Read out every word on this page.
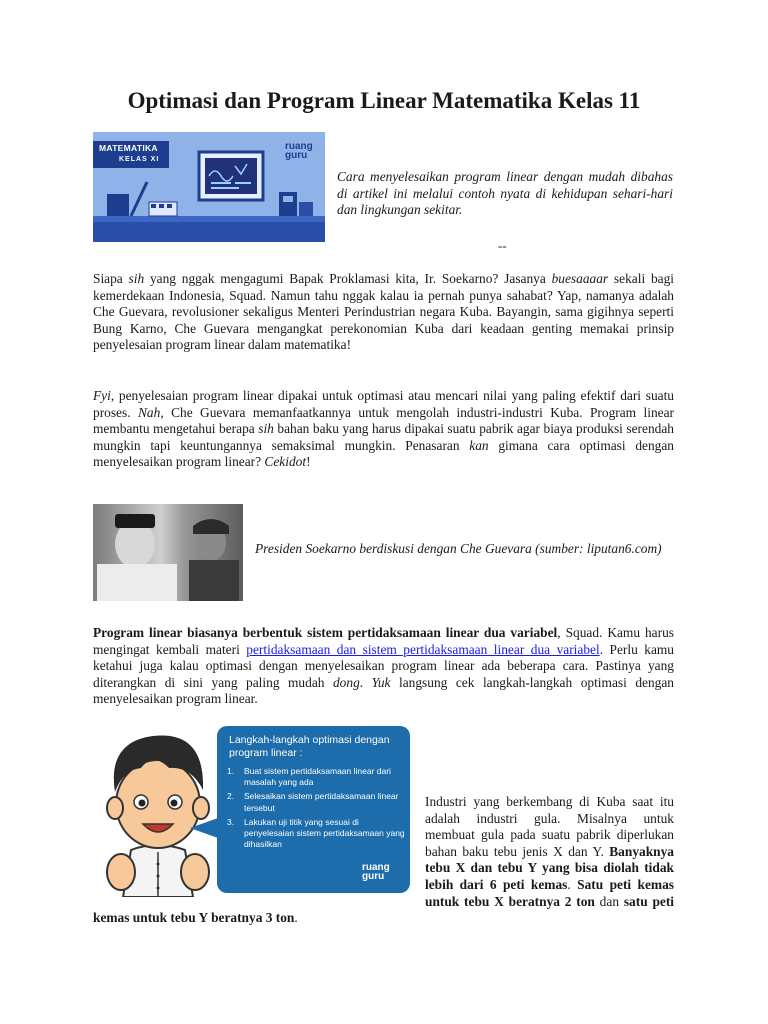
Optimasi dan Program Linear Matematika Kelas 11
MATEMATIKA
KELAS XI
ruang
guru
Cara menyelesaikan program linear dengan mudah dibahas di artikel ini melalui contoh nyata di kehidupan sehari-hari dan lingkungan sekitar.
--
Siapa sih yang nggak mengagumi Bapak Proklamasi kita, Ir. Soekarno? Jasanya buesaaaar sekali bagi kemerdekaan Indonesia, Squad. Namun tahu nggak kalau ia pernah punya sahabat? Yap, namanya adalah Che Guevara, revolusioner sekaligus Menteri Perindustrian negara Kuba. Bayangin, sama gigihnya seperti Bung Karno, Che Guevara mengangkat perekonomian Kuba dari keadaan genting memakai prinsip penyelesaian program linear dalam matematika!
Fyi, penyelesaian program linear dipakai untuk optimasi atau mencari nilai yang paling efektif dari suatu proses. Nah, Che Guevara memanfaatkannya untuk mengolah industri-industri Kuba. Program linear membantu mengetahui berapa sih bahan baku yang harus dipakai suatu pabrik agar biaya produksi serendah mungkin tapi keuntungannya semaksimal mungkin. Penasaran kan gimana cara optimasi dengan menyelesaikan program linear? Cekidot!
Presiden Soekarno berdiskusi dengan Che Guevara (sumber: liputan6.com)
Program linear biasanya berbentuk sistem pertidaksamaan linear dua variabel, Squad. Kamu harus mengingat kembali materi pertidaksamaan dan sistem pertidaksamaan linear dua variabel. Perlu kamu ketahui juga kalau optimasi dengan menyelesaikan program linear ada beberapa cara. Pastinya yang diterangkan di sini yang paling mudah dong. Yuk langsung cek langkah-langkah optimasi dengan menyelesaikan program linear.
Langkah-langkah optimasi dengan program linear :
1.	Buat sistem pertidaksamaan linear dari masalah yang ada
2.	Selesaikan sistem pertidaksamaan linear tersebut
3.	Lakukan uji titik yang sesuai di penyelesaian sistem pertidaksamaan yang dihasilkan
ruang
guru
Industri yang berkembang di Kuba saat itu adalah industri gula. Misalnya untuk membuat gula pada suatu pabrik diperlukan bahan baku tebu jenis X dan Y. Banyaknya tebu X dan tebu Y yang bisa diolah tidak lebih dari 6 peti kemas. Satu peti kemas untuk tebu X beratnya 2 ton dan satu peti kemas untuk tebu Y beratnya 3 ton.
